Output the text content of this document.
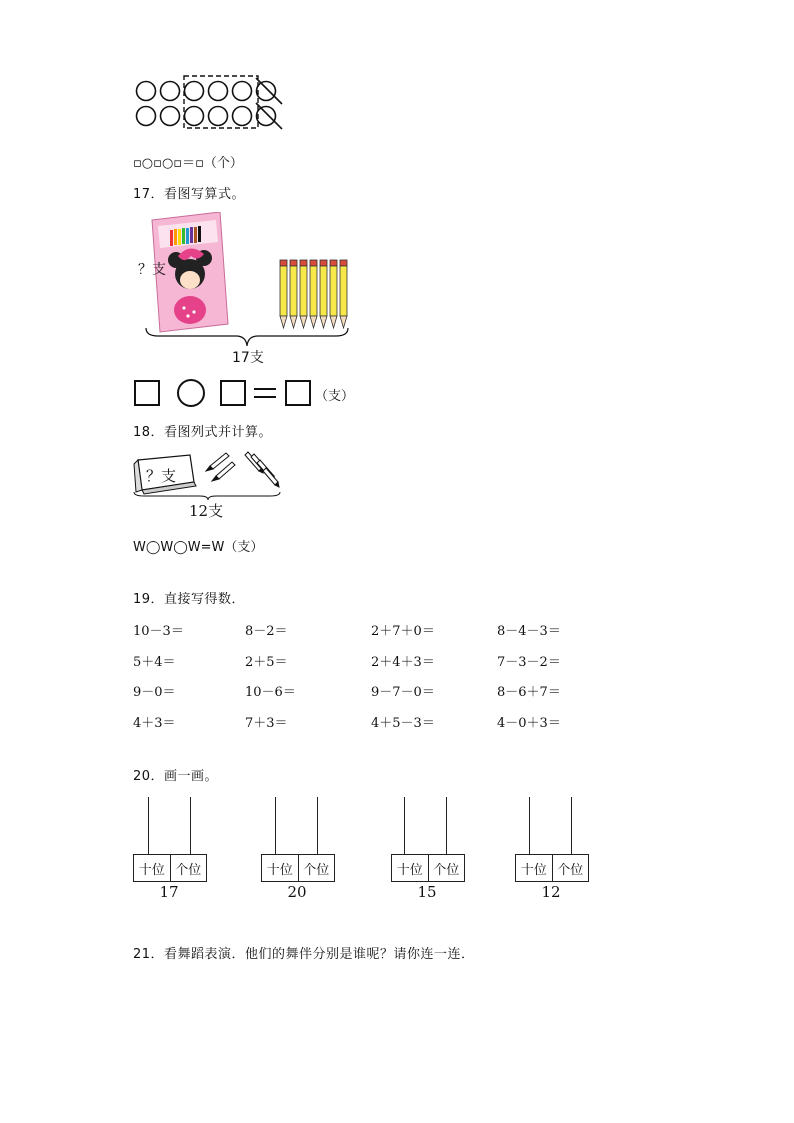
▫○▫○▫＝▫（个）
17．看图写算式。
？支
17支
（支）
18．看图列式并计算。
？支
12支
W◯W◯W=W（支）
19．直接写得数．
10－3＝	8－2＝	2＋7＋0＝	8－4－3＝
5＋4＝	2＋5＝	2＋4＋3＝	7－3－2＝
9－0＝	10－6＝	9－7－0＝	8－6＋7＝
4＋3＝	7＋3＝	4＋5－3＝	4－0＋3＝
20．画一画。
十位 个位
17
十位 个位
20
十位 个位
15
十位 个位
12
21．看舞蹈表演．他们的舞伴分别是谁呢？请你连一连．
